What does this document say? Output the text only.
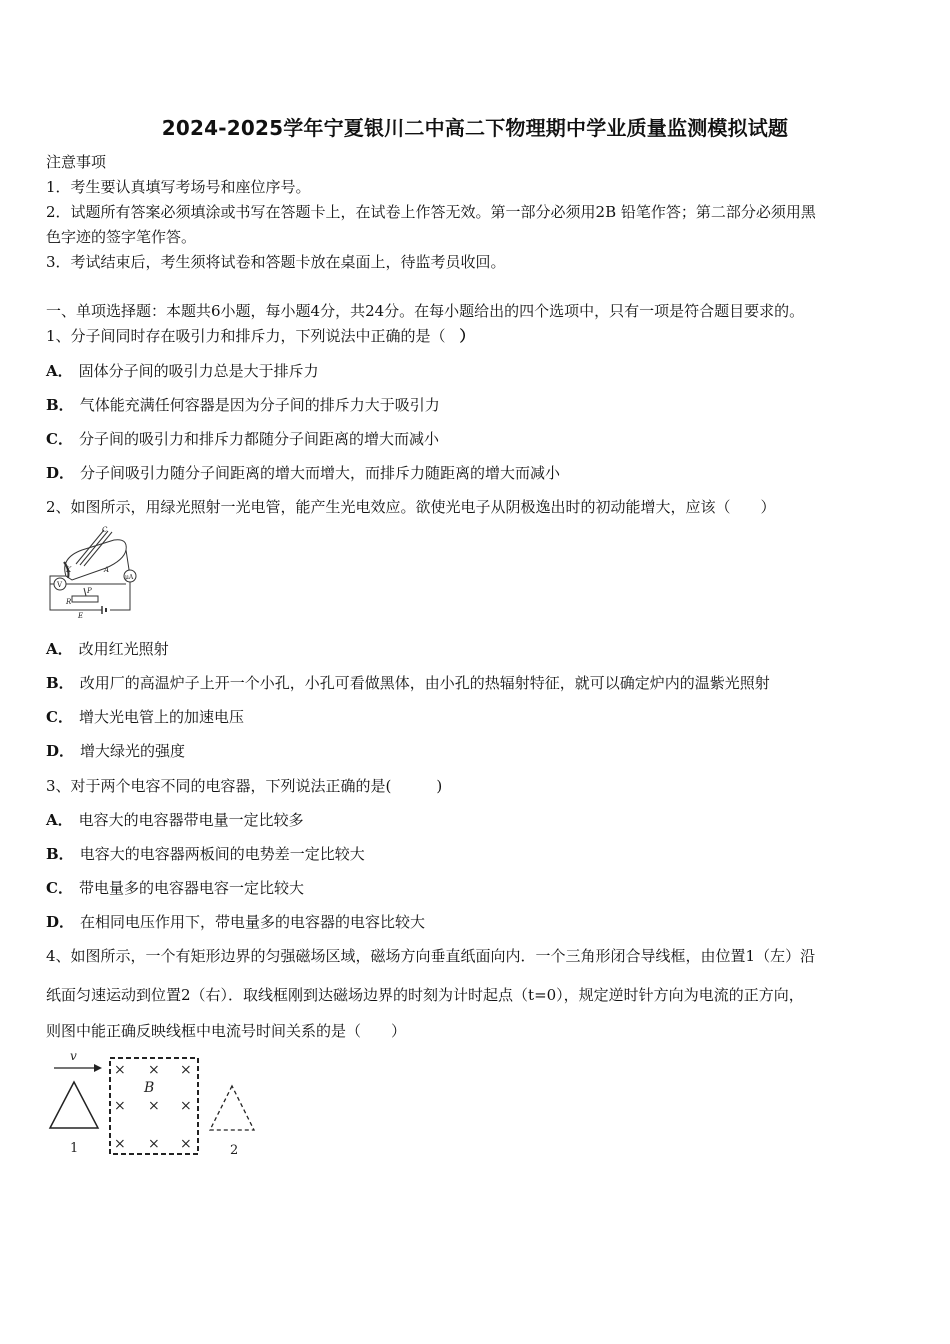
2024-2025学年宁夏银川二中高二下物理期中学业质量监测模拟试题
注意事项
1．考生要认真填写考场号和座位序号。
2．试题所有答案必须填涂或书写在答题卡上，在试卷上作答无效。第一部分必须用2B 铅笔作答；第二部分必须用黑
色字迹的签字笔作答。
3．考试结束后，考生须将试卷和答题卡放在桌面上，待监考员收回。
一、单项选择题：本题共6小题，每小题4分，共24分。在每小题给出的四个选项中，只有一项是符合题目要求的。
1、分子间同时存在吸引力和排斥力，下列说法中正确的是（ ）
A． 固体分子间的吸引力总是大于排斥力
B． 气体能充满任何容器是因为分子间的排斥力大于吸引力
C． 分子间的吸引力和排斥力都随分子间距离的增大而减小
D． 分子间吸引力随分子间距离的增大而增大，而排斥力随距离的增大而减小
2、如图所示，用绿光照射一光电管，能产生光电效应。欲使光电子从阴极逸出时的初动能增大，应该（　　）
C
K	A
V
μA
P
R
E
A． 改用红光照射
B． 改用厂的高温炉子上开一个小孔，小孔可看做黑体，由小孔的热辐射特征，就可以确定炉内的温紫光照射
C． 增大光电管上的加速电压
D． 增大绿光的强度
3、对于两个电容不同的电容器，下列说法正确的是(　　　)
A． 电容大的电容器带电量一定比较多
B． 电容大的电容器两板间的电势差一定比较大
C． 带电量多的电容器电容一定比较大
D． 在相同电压作用下，带电量多的电容器的电容比较大
4、如图所示，一个有矩形边界的匀强磁场区域，磁场方向垂直纸面向内．一个三角形闭合导线框，由位置1（左）沿
纸面匀速运动到位置2（右）．取线框刚到达磁场边界的时刻为计时起点（t=0），规定逆时针方向为电流的正方向，
则图中能正确反映线框中电流号时间关系的是（　　）
v
1
× × ×
× × ×
× × ×
B
2
